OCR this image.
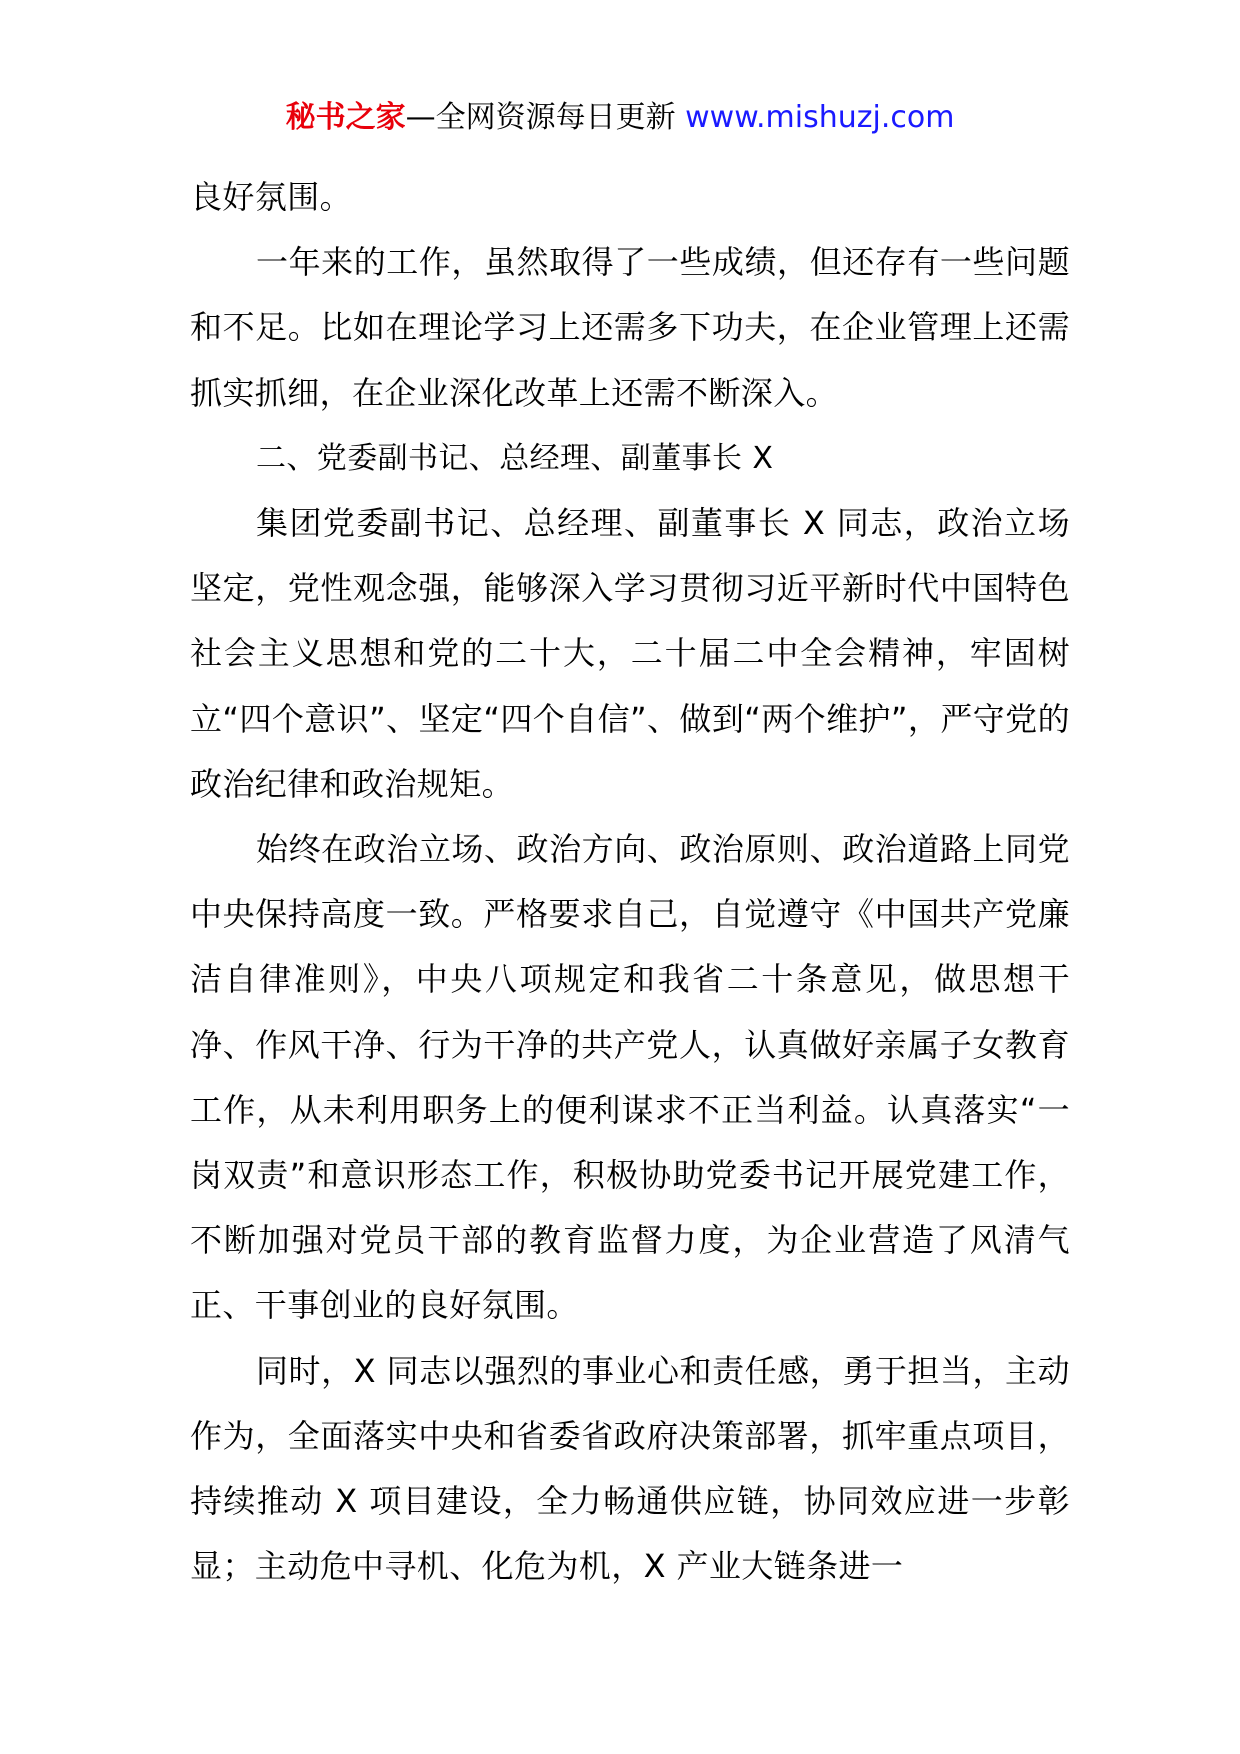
秘书之家—全网资源每日更新 www.mishuzj.com

良好氛围。

一年来的工作，虽然取得了一些成绩，但还存有一些问题和不足。比如在理论学习上还需多下功夫，在企业管理上还需抓实抓细，在企业深化改革上还需不断深入。

二、党委副书记、总经理、副董事长 X

集团党委副书记、总经理、副董事长 X 同志，政治立场坚定，党性观念强，能够深入学习贯彻习近平新时代中国特色社会主义思想和党的二十大，二十届二中全会精神，牢固树立“四个意识”、坚定“四个自信”、做到“两个维护”，严守党的政治纪律和政治规矩。

始终在政治立场、政治方向、政治原则、政治道路上同党中央保持高度一致。严格要求自己，自觉遵守《中国共产党廉洁自律准则》，中央八项规定和我省二十条意见，做思想干净、作风干净、行为干净的共产党人，认真做好亲属子女教育工作，从未利用职务上的便利谋求不正当利益。认真落实“一岗双责”和意识形态工作，积极协助党委书记开展党建工作，不断加强对党员干部的教育监督力度，为企业营造了风清气正、干事创业的良好氛围。

同时，X 同志以强烈的事业心和责任感，勇于担当，主动作为，全面落实中央和省委省政府决策部署，抓牢重点项目，持续推动 X 项目建设，全力畅通供应链，协同效应进一步彰显；主动危中寻机、化危为机，X 产业大链条进一
